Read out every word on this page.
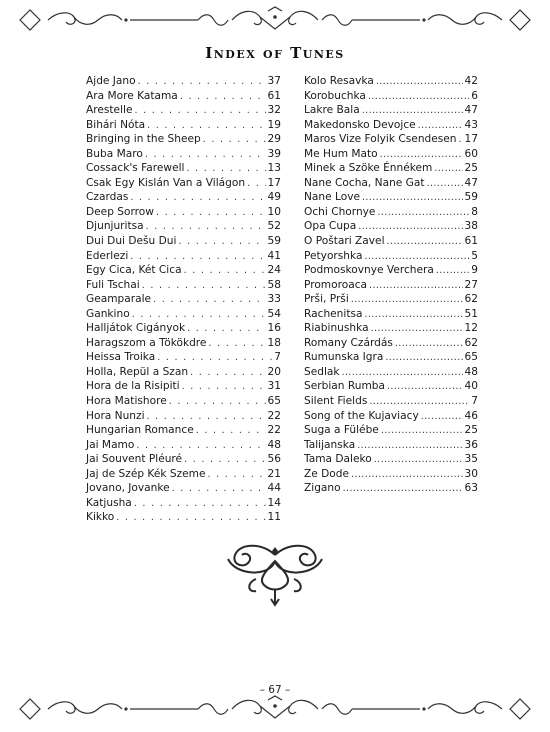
Index of Tunes
Ajde Jano . . .	37
Ara More Katama . . .	61
Arestelle . . .	32
Bihári Nóta . . .	19
Bringing in the Sheep . . .	29
Buba Maro . . .	39
Cossack's Farewell . . .	13
Csak Egy Kislán Van a Világon . . . 17
Czardas . . .	49
Deep Sorrow . . .	10
Djunjuritsa . . .	52
Dui Dui Dešu Dui . . .	59
Ederlezi . . .	41
Egy Cica, Két Cica . . .	24
Fuli Tschai . . .	58
Geamparale . . .	33
Gankino . . .	54
Halljátok Cigányok . . .	16
Haragszom a Tökökdre . . .	18
Heissa Troika . . .	7
Holla, Repül a Szan . . .	20
Hora de la Risipiti . . .	31
Hora Matishore . . .	65
Hora Nunzi . . .	22
Hungarian Romance . . .	22
Jai Mamo . . .	48
Jai Souvent Pléuré . . .	56
Jaj de Szép Kék Szeme . . .	21
Jovano, Jovanke . . .	44
Katjusha . . .	14
Kikko . . .	11
Kolo Resavka .....	42
Korobuchka .....	6
Lakre Bala .....	47
Makedonsko Devojce .....	43
Maros Vize Folyik Csendesen ..... 17
Me Hum Mato .....	60
Minek a Szöke Énnékem .....	25
Nane Cocha, Nane Gat .....	47
Nane Love .....	59
Ochi Chornye .....	8
Opa Cupa .....	38
O Poštari Zavel .....	61
Petyorshka .....	5
Podmoskovnye Verchera .....	9
Promoroaca .....	27
Prši, Prši .....	62
Rachenitsa .....	51
Riabinushka .....	12
Romany Czárdás .....	62
Rumunska Igra .....	65
Sedlak .....	48
Serbian Rumba .....	40
Silent Fields .....	7
Song of the Kujaviacy .....	46
Suga a Fülébe .....	25
Talijanska .....	36
Tama Daleko .....	35
Ze Dode .....	30
Zigano .....	63
– 67 –
